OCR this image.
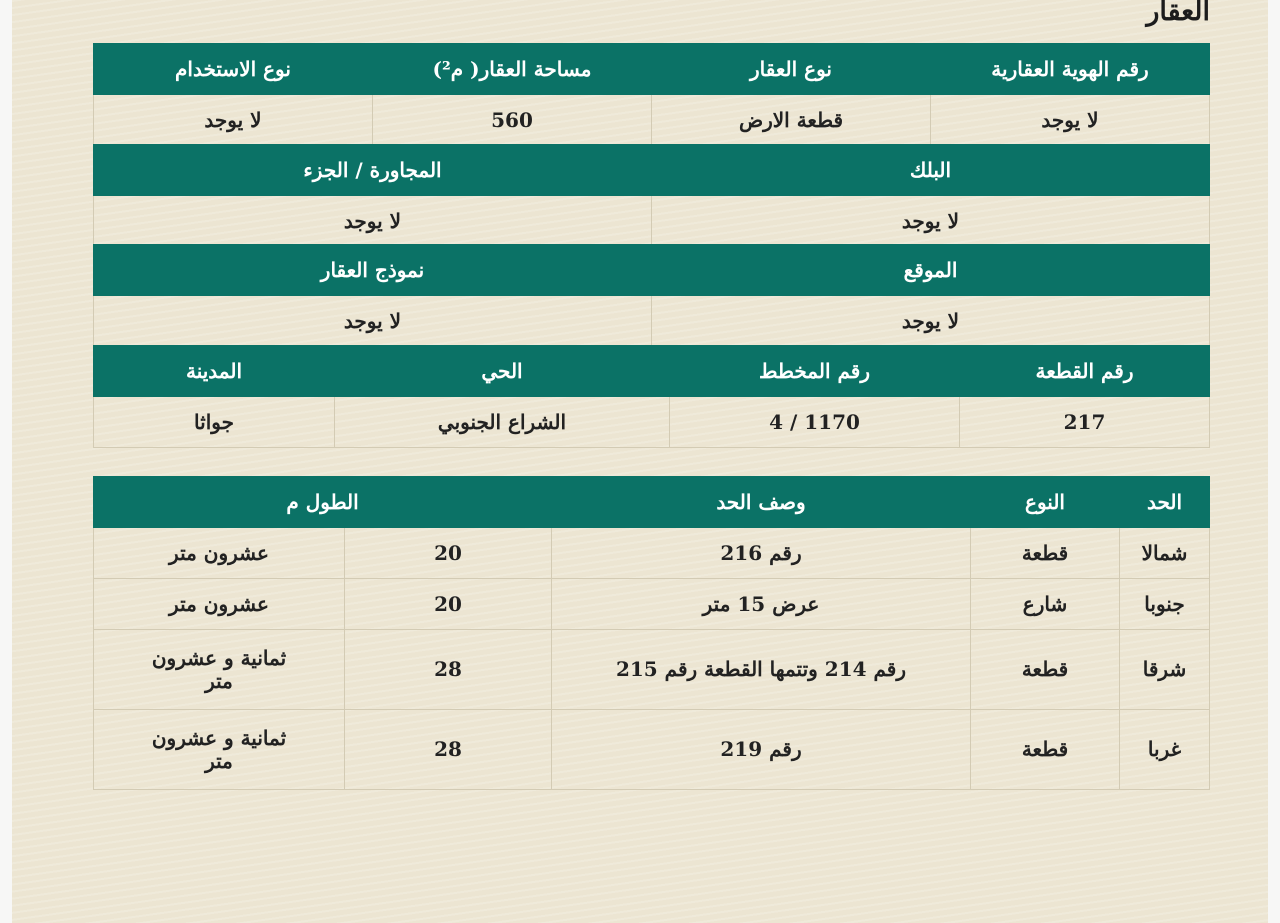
العقار
رقم الهوية العقارية	نوع العقار	مساحة العقار( م²)	نوع الاستخدام
لا يوجد	قطعة الارض	560	لا يوجد
البلك	المجاورة / الجزء
لا يوجد	لا يوجد
الموقع	نموذج العقار
لا يوجد	لا يوجد
رقم القطعة	رقم المخطط	الحي	المدينة
217	4 / 1170	الشراع الجنوبي	جواثا
الحد	النوع	وصف الحد	الطول م	
شمالا	قطعة	رقم 216	20	عشرون متر

جنوبا	شارع	عرض 15 متر	20	عشرون متر

شرقا	قطعة	رقم 214 وتتمها القطعة رقم 215	28	ثمانية و عشرون
متر

غربا	قطعة	رقم 219	28	ثمانية و عشرون
متر
